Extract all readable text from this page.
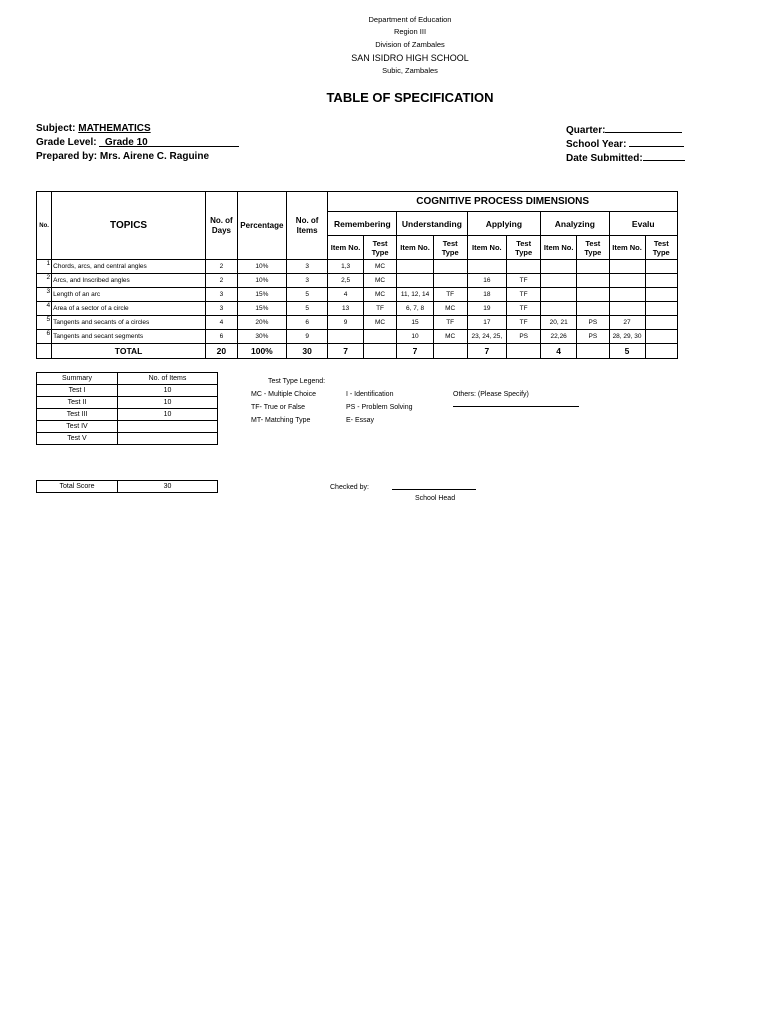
Department of Education
Region III
Division of Zambales
SAN ISIDRO HIGH SCHOOL
Subic, Zambales
TABLE OF SPECIFICATION
Subject: MATHEMATICS
Grade Level: _Grade 10
Prepared by: Mrs. Airene C. Raguine
Quarter:
School Year:
Date Submitted:
No.	TOPICS	No. of Days	Percentage	No. of Items	COGNITIVE PROCESS DIMENSIONS									
					Remembering		Understanding		Applying		Analyzing		Evalu	
					Item No.	Test Type	Item No.	Test Type	Item No.	Test Type	Item No.	Test Type	Item No.	Test Type
1	Chords, arcs, and central angles	2	10%	3	1,3	MC								
2	Arcs, and Inscribed angles	2	10%	3	2,5	MC			16	TF				
3	Length of an arc	3	15%	5	4	MC	11, 12, 14	TF	18	TF				
4	Area of a sector of a circle	3	15%	5	13	TF	6, 7, 8	MC	19	TF				
5	Tangents and secants of a circles	4	20%	6	9	MC	15	TF	17	TF	20, 21	PS	27	
6	Tangents and secant segments	6	30%	9			10	MC	23, 24, 25,	PS	22,26	PS	28, 29, 30	
	TOTAL	20	100%	30	7		7		7		4		5	
Summary	No. of Items
Test I	10
Test II	10
Test III	10
Test IV	
Test V	
Test Type Legend:
MC - Multiple Choice
TF- True or False
MT- Matching Type
I - Identification
PS - Problem Solving
E- Essay
Others: (Please Specify)
Total Score	30	Checked by:
School Head
